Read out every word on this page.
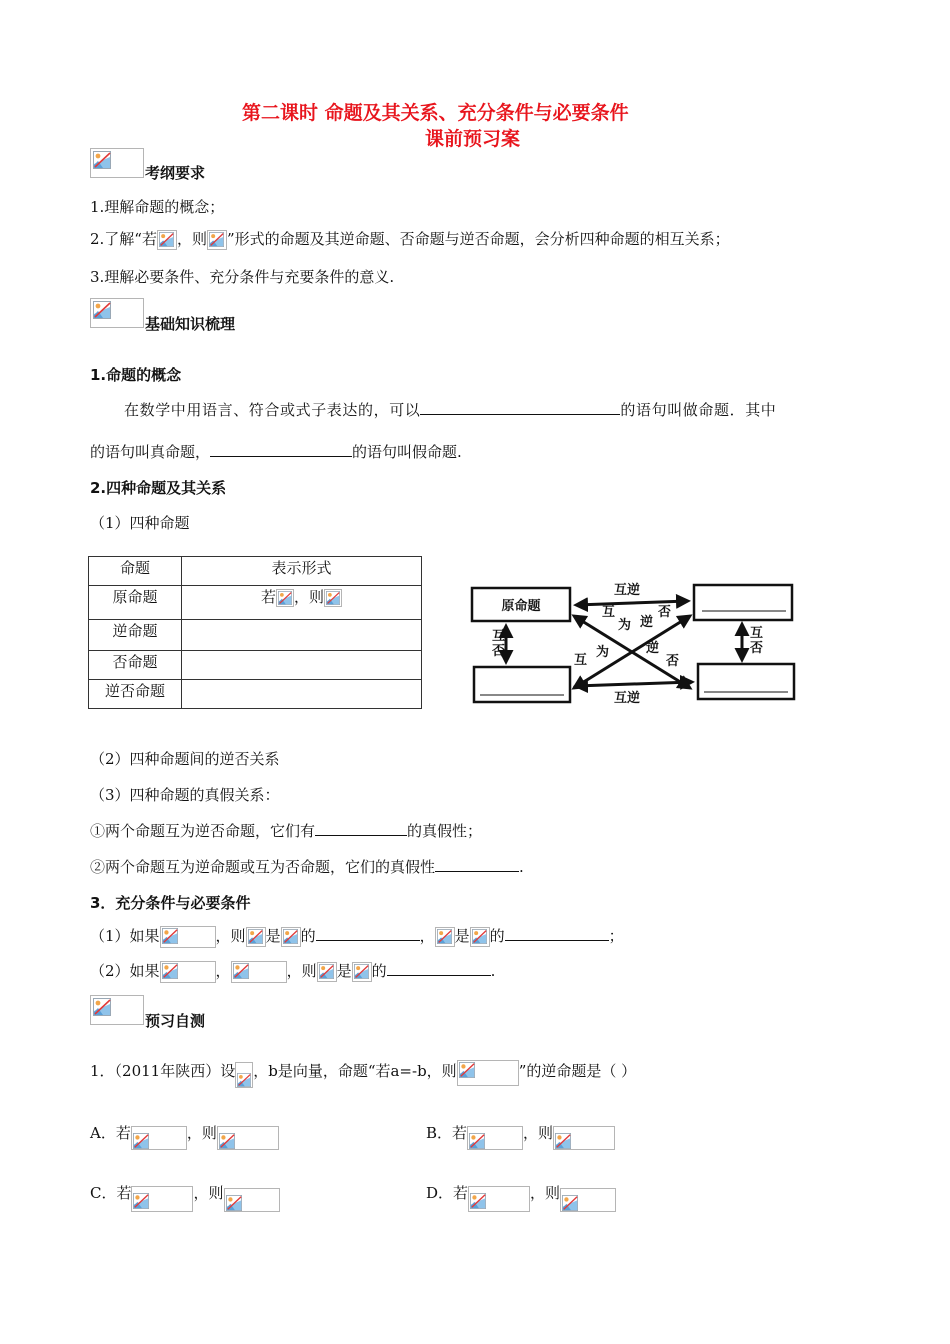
第二课时 命题及其关系、充分条件与必要条件
课前预习案
考纲要求
1.理解命题的概念；
2.了解“若 ，则 ”形式的命题及其逆命题、否命题与逆否命题，会分析四种命题的相互关系；
3.理解必要条件、充分条件与充要条件的意义.
基础知识梳理
1.命题的概念
在数学中用语言、符合或式子表达的，可以	的语句叫做命题．其中
的语句叫真命题，	的语句叫假命题.
2.四种命题及其关系
（1）四种命题
命题	表示形式
原命题	若 ，则

逆命题	
否命题	
逆否命题	
原命题
互逆
互逆
互
否
互
否
互
为 逆
否
互
为	逆
否
（2）四种命题间的逆否关系
（3）四种命题的真假关系：
①两个命题互为逆否命题，它们有	的真假性；
②两个命题互为逆命题或互为否命题，它们的真假性	.
3．充分条件与必要条件
（1）如果	，则 是 的	， 是 的	；
（2）如果	，	，则 是 的	.
预习自测
1．（2011年陕西）设 ，b是向量，命题“若a=-b，则	”的逆命题是（ ）
A．若	，则	B．若	，则
C．若	，则	D．若	，则
